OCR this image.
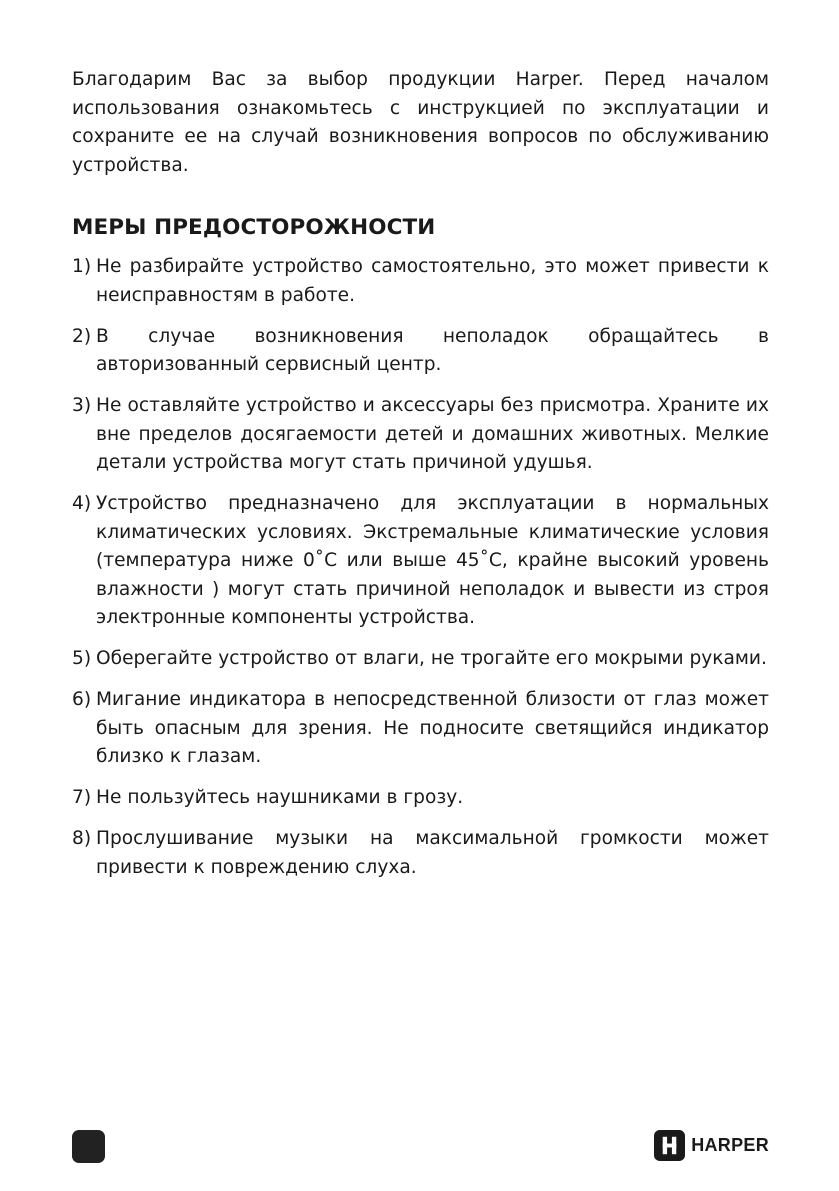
Благодарим Вас за выбор продукции Harper. Перед началом использования ознакомьтесь с инструкцией по эксплуатации и сохраните ее на случай возникновения вопросов по обслуживанию устройства.

МЕРЫ ПРЕДОСТОРОЖНОСТИ
1) Не разбирайте устройство самостоятельно, это может привести к неисправностям в работе.
2) В случае возникновения неполадок обращайтесь в авторизованный сервисный центр.
3) Не оставляйте устройство и аксессуары без присмотра. Храните их вне пределов досягаемости детей и домашних животных. Мелкие детали устройства могут стать причиной удушья.
4) Устройство предназначено для эксплуатации в нормальных климатических условиях. Экстремальные климатические условия (температура ниже 0˚С или выше 45˚С, крайне высокий уровень влажности ) могут стать причиной неполадок и вывести из строя электронные компоненты устройства.
5) Оберегайте устройство от влаги, не трогайте его мокрыми руками.
6) Мигание индикатора в непосредственной близости от глаз может быть опасным для зрения. Не подносите светящийся индикатор близко к глазам.
7) Не пользуйтесь наушниками в грозу.
8) Прослушивание музыки на максимальной громкости может привести к повреждению слуха.
HARPER
